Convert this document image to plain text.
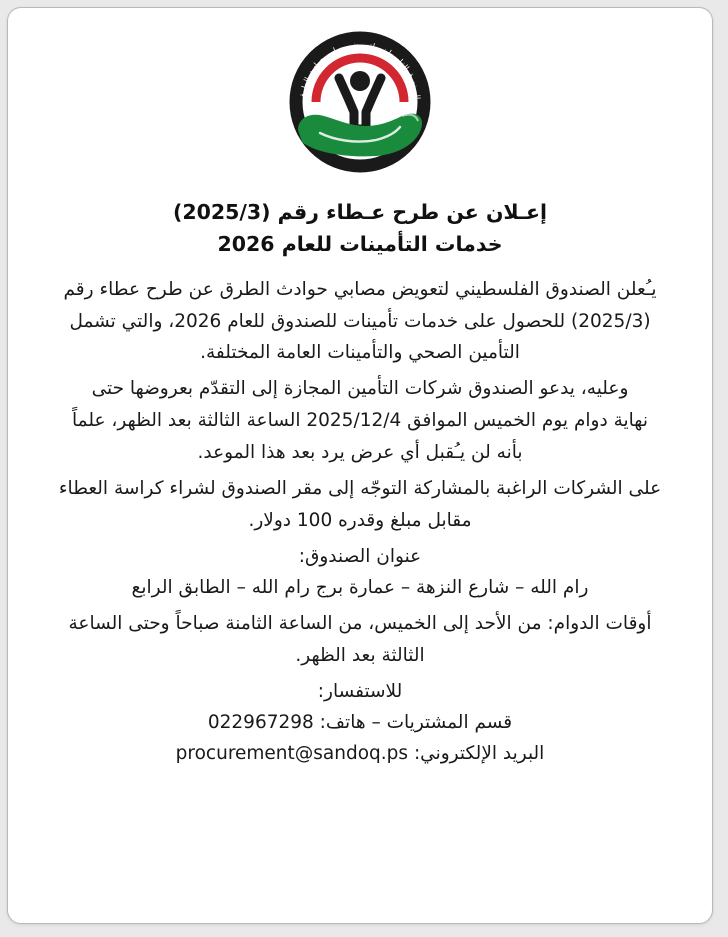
الصندوق الفلسطيني لتعويض مصابي حوادث الطرق
إعـلان عن طرح عـطاء رقم (2025/3)
خدمات التأمينات للعام 2026

يـُعلن الصندوق الفلسطيني لتعويض مصابي حوادث الطرق عن طرح عطاء رقم

(2025/3) للحصول على خدمات تأمينات للصندوق للعام 2026، والتي تشمل

التأمين الصحي والتأمينات العامة المختلفة.

وعليه، يدعو الصندوق شركات التأمين المجازة إلى التقدّم بعروضها حتى

نهاية دوام يوم الخميس الموافق 2025/12/4 الساعة الثالثة بعد الظهر، علماً

بأنه لن يـُقبل أي عرض يرد بعد هذا الموعد.

على الشركات الراغبة بالمشاركة التوجّه إلى مقر الصندوق لشراء كراسة العطاء

مقابل مبلغ وقدره 100 دولار.

عنوان الصندوق:

رام الله – شارع النزهة – عمارة برج رام الله – الطابق الرابع

أوقات الدوام: من الأحد إلى الخميس، من الساعة الثامنة صباحاً وحتى الساعة

الثالثة بعد الظهر.

للاستفسار:

قسم المشتريات – هاتف: 022967298

البريد الإلكتروني: procurement@sandoq.ps
